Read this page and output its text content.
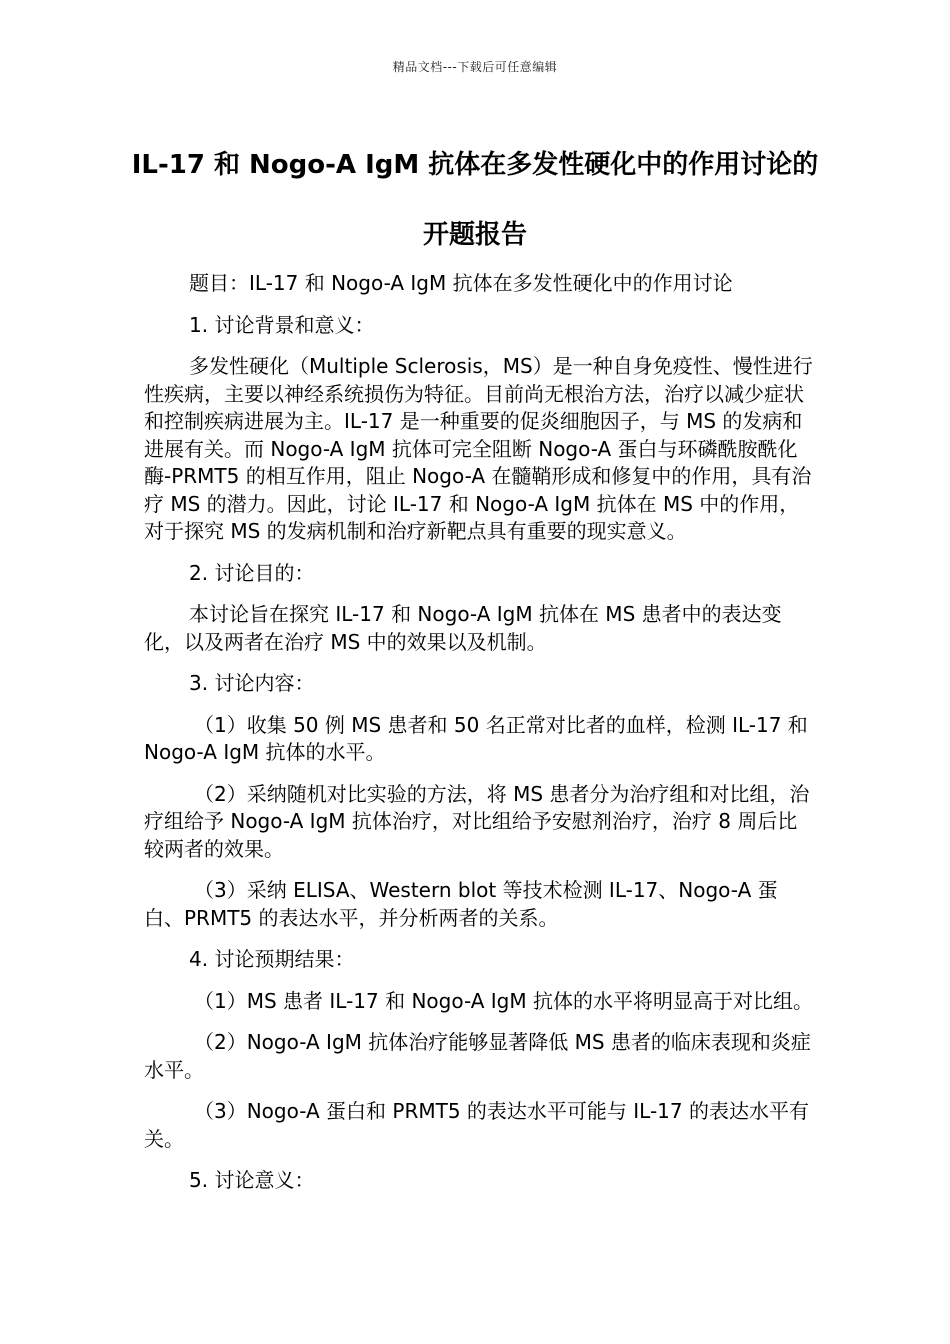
精品文档---下载后可任意编辑
IL-17 和 Nogo-A IgM 抗体在多发性硬化中的作用讨论的开题报告

题目：IL-17 和 Nogo-A IgM 抗体在多发性硬化中的作用讨论

1. 讨论背景和意义：

多发性硬化（Multiple Sclerosis，MS）是一种自身免疫性、慢性进行性疾病，主要以神经系统损伤为特征。目前尚无根治方法，治疗以减少症状和控制疾病进展为主。IL-17 是一种重要的促炎细胞因子，与 MS 的发病和进展有关。而 Nogo-A IgM 抗体可完全阻断 Nogo-A 蛋白与环磷酰胺酰化酶-PRMT5 的相互作用，阻止 Nogo-A 在髓鞘形成和修复中的作用，具有治疗 MS 的潜力。因此，讨论 IL-17 和 Nogo-A IgM 抗体在 MS 中的作用，对于探究 MS 的发病机制和治疗新靶点具有重要的现实意义。

2. 讨论目的：

本讨论旨在探究 IL-17 和 Nogo-A IgM 抗体在 MS 患者中的表达变化，以及两者在治疗 MS 中的效果以及机制。

3. 讨论内容：

（1）收集 50 例 MS 患者和 50 名正常对比者的血样，检测 IL-17 和 Nogo-A IgM 抗体的水平。

（2）采纳随机对比实验的方法，将 MS 患者分为治疗组和对比组，治疗组给予 Nogo-A IgM 抗体治疗，对比组给予安慰剂治疗，治疗 8 周后比较两者的效果。

（3）采纳 ELISA、Western blot 等技术检测 IL-17、Nogo-A 蛋白、PRMT5 的表达水平，并分析两者的关系。

4. 讨论预期结果：

（1）MS 患者 IL-17 和 Nogo-A IgM 抗体的水平将明显高于对比组。

（2）Nogo-A IgM 抗体治疗能够显著降低 MS 患者的临床表现和炎症水平。

（3）Nogo-A 蛋白和 PRMT5 的表达水平可能与 IL-17 的表达水平有关。

5. 讨论意义：
